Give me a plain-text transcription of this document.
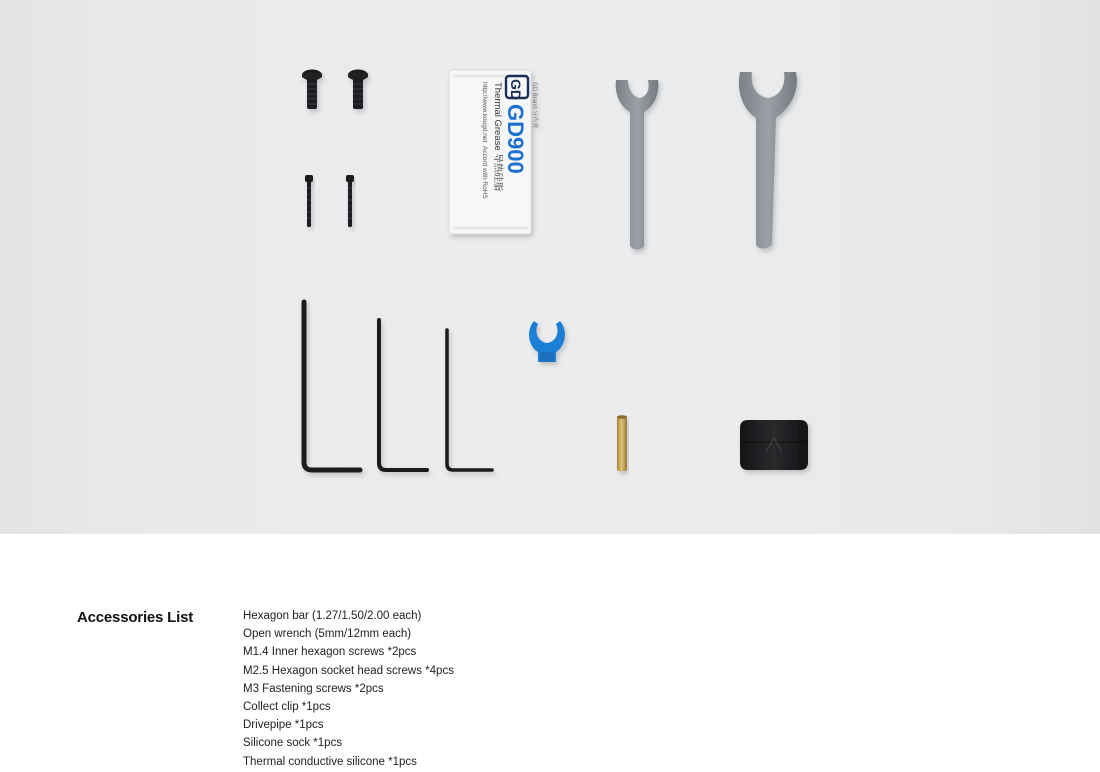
GD
GD900
Thermal Grease 导热硅脂
http://www.kougd.net
Accord with RoHS
GD Brand 导热膏
Accessories List	Hexagon bar (1.27/1.50/2.00 each)
Open wrench (5mm/12mm each)
M1.4 Inner hexagon screws *2pcs
M2.5 Hexagon socket head screws *4pcs
M3 Fastening screws *2pcs
Collect clip *1pcs
Drivepipe *1pcs
Silicone sock *1pcs
Thermal conductive silicone *1pcs
